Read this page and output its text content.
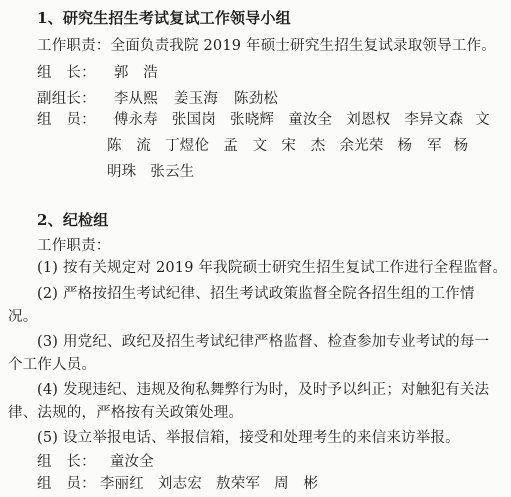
1、研究生招生考试复试工作领导小组
工作职责：全面负责我院 2019 年硕士研究生招生复试录取领导工作。
组　长： 郭　浩
副组长： 李从熙 姜玉海 陈劲松
组　员： 傅永寿 张国岗 张晓辉 童汝全 刘恩权 李异文森 文
陈　流 丁煜伦 孟　文 宋　杰 余光荣 杨　军 杨
明珠 张云生
2、纪检组
工作职责：
(1) 按有关规定对 2019 年我院硕士研究生招生复试工作进行全程监督。
(2) 严格按招生考试纪律、招生考试政策监督全院各招生组的工作情
况。
(3) 用党纪、政纪及招生考试纪律严格监督、检查参加专业考试的每一
个工作人员。
(4) 发现违纪、违规及徇私舞弊行为时，及时予以纠正；对触犯有关法
律、法规的，严格按有关政策处理。
(5) 设立举报电话、举报信箱，接受和处理考生的来信来访举报。
组　长： 童汝全
组　员： 李丽红 刘志宏 敖荣军 周　彬
